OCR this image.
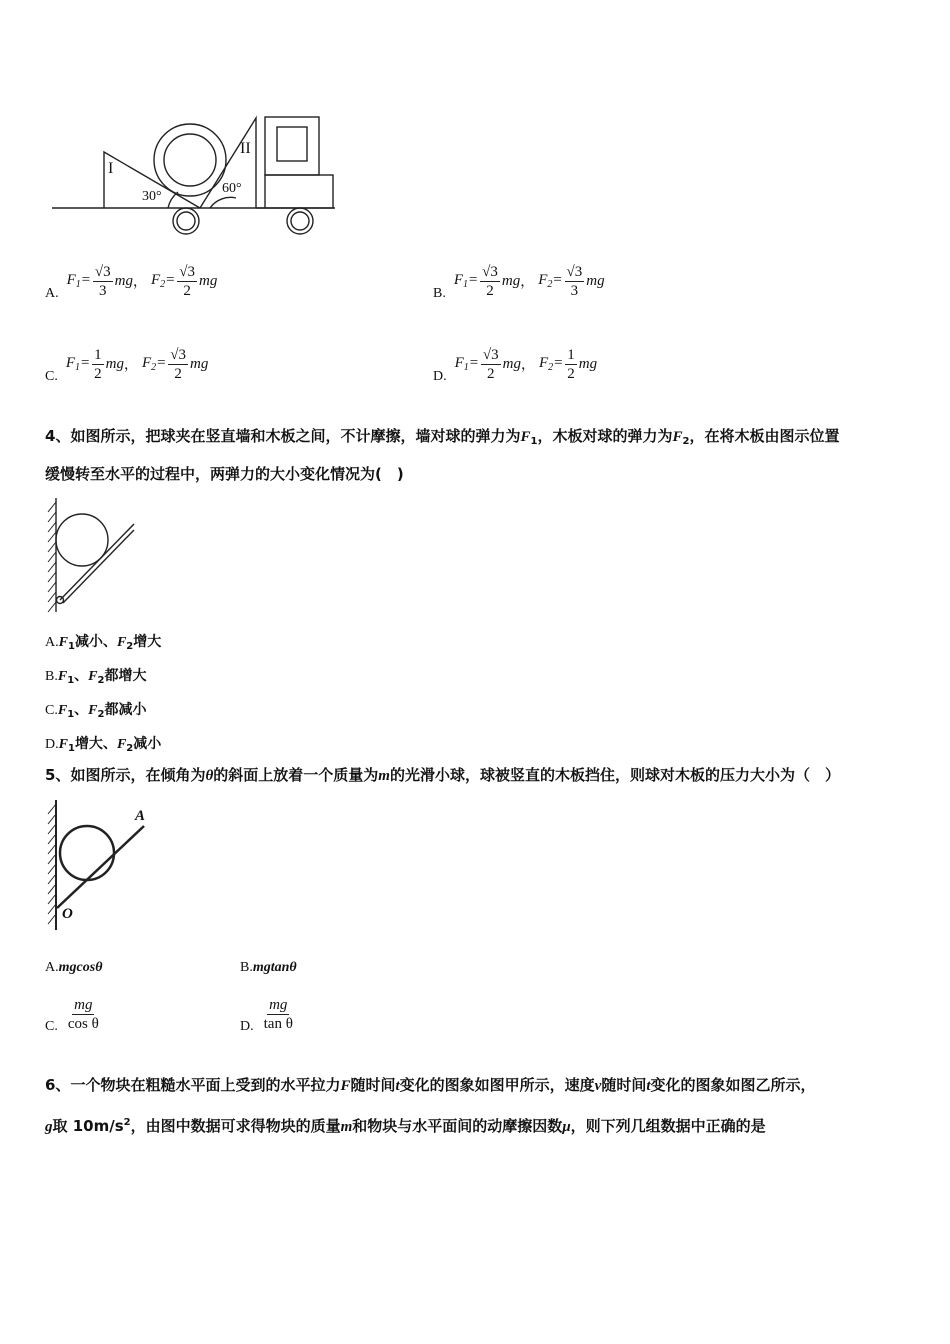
I
II
30°
60°
A.
$F_1= \frac{√3}{3}$ mg ， $F_2= \frac{√3}{2}$ mg
B.
$F_1= \frac{√3}{2}$ mg ， $F_2= \frac{√3}{3}$ mg
C.
$F_1= \frac{1}{2}$ mg ， $F_2= \frac{√3}{2}$ mg
D.
$F_1= \frac{√3}{2}$ mg ， $F_2= \frac{1}{2}$ mg
4、如图所示，把球夹在竖直墙和木板之间，不计摩擦，墙对球的弹力为$F_1$，木板对球的弹力为$F_2$，在将木板由图示位置
缓慢转至水平的过程中，两弹力的大小变化情况为(　)
$A.F_1$减小、$F_2$增大
$B.F_1$、$F_2$都增大
$C.F_1$、$F_2$都减小
$D.F_1$增大、$F_2$减小
5、如图所示，在倾角为θ的斜面上放着一个质量为m的光滑小球，球被竖直的木板挡住，则球对木板的压力大小为（　）
A
O
A.mgcosθ	B.mgtanθ
C. $\frac{mg}{\text{cos θ}}$	D. $\frac{mg}{\text{tan θ}}$
6、一个物块在粗糙水平面上受到的水平拉力F随时间t变化的图象如图甲所示，速度v随时间t变化的图象如图乙所示，
g取 $10m/s^2$，由图中数据可求得物块的质量m和物块与水平面间的动摩擦因数μ，则下列几组数据中正确的是
